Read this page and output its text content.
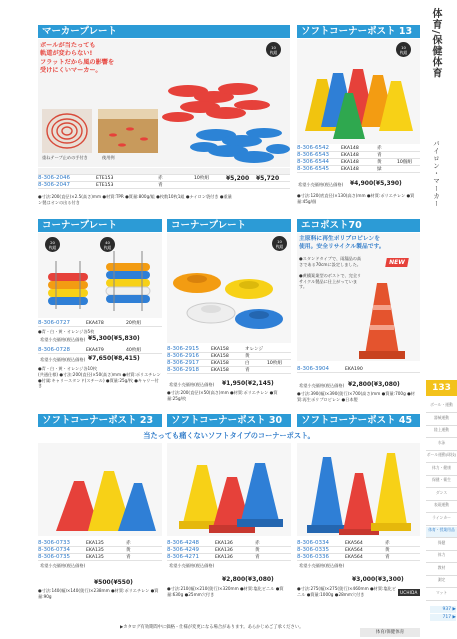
マーカープレート
重ねテープ止めの手付き	使用例
ボールが当たっても
軌道が変わらない!
フラットだから風の影響を
受けにくいマーカー。
10
枚組
8-306-2046	ETE153	赤	10枚組	¥5,200	¥5,720
8-306-2047	ETE153	青
●寸法:200(直径)×2.5(高さ)mm ●材質:TPR ●質量:800g/組 ●枚数10枚1組 ●ナイロン袋付き ●重量
ン製はオンの出る付き
ソフトコーナーポスト 13
10
枚組
8-306-6542	EKA148	赤
8-306-6543	EKA148	青
8-306-6544	EKA148	黄	10個組
8-306-6545	EKA148	緑
希望小売価格(税込価格)	¥4,900(¥5,390)
●寸法:120(底直径)×130(高さ)mm ●材質:ポリエチレン ●質量:45g/個
コーナープレート
20
枚組
40
枚組
8-306-0727	EKA478	20枚組
●青・白・黄・オレンジ各5枚
希望小売価格(税込価格) ¥5,300(¥5,830)
8-306-0728	EKA479	40枚組
希望小売価格(税込価格) ¥7,650(¥8,415)
●青・白・黄・オレンジ各10枚
(共通仕様) ●寸法:200(直径)×50(高さ)mm ●材質:ポリエチレン ●付属:キャリースタンド(スチール) ●質量:25g/枚 ●キャリー付き
コーナープレート
10
枚組
8-306-2915	EKA158	オレンジ
8-306-2916	EKA158	黄
8-306-2917	EKA158	白	10枚組
8-306-2918	EKA158	青
希望小売価格(税込価格)	¥1,950(¥2,145)
●寸法:200(直径)×50(高さ)mm ●材質:ポリエチレン ●質量:25g/枚
エコポスト70
主原料に再生ポリプロピレンを
使用。安全リサイクル製品です。
●スタンドタイプで、雨漏品の高さである70cmに設定しました。
●黄橋案業型のボストで、完全リサイクル製品に仕上がっています。
NEW
8-306-3904	EKA190
希望小売価格(税込価格) ¥2,800(¥3,080)
●寸法:390(幅)×390(奥行)×700(高さ)mm ●質量:700g ●材質:再生ポリプロピレン ●日本製
ソフトコーナーポスト 23	ソフトコーナーポスト 30	ソフトコーナーポスト 45
当たっても痛くないソフトタイプのコーナーポスト。
8-306-0733	EKA135	赤
8-306-0734	EKA135	黄
8-306-0735	EKA135	青
希望小売価格(税込価格)
¥500(¥550)
●寸法:140(幅)×140(奥行)×238mm ●材質:ポリエチレン ●質量:90g
8-306-4248	EKA136	赤
8-306-4249	EKA136	黄
8-306-4271	EKA136	青
希望小売価格(税込価格)
¥2,800(¥3,080)
●寸法:210(幅)×210(奥行)×320mm ●材質:塩化ビニル ●質量:630g ●25mm穴付き
8-306-0334	EKA564	赤
8-306-0335	EKA564	黄
8-306-0336	EKA564	青
希望小売価格(税込価格)
¥3,000(¥3,300)
●寸法:275(幅)×275(奥行)×460mm ●材質:塩化ビニル ●質量:1000g ●28mm穴付き	UCHIDA
▶カタログ有効期間中に価格・仕様が変更になる場合があります。あらかじめご了承ください。
体育/保健体育
体育/保健体育
パイロン・マーカー
133
ボール・運動
器械運動
陸上運動
水泳
ボール運動(球技)
体力・健康
保健・衛生
ダンス
表現運動
ラインカー
体育・授業用品
保健
体力
教材
測定
マット
937 ▶
717 ▶
